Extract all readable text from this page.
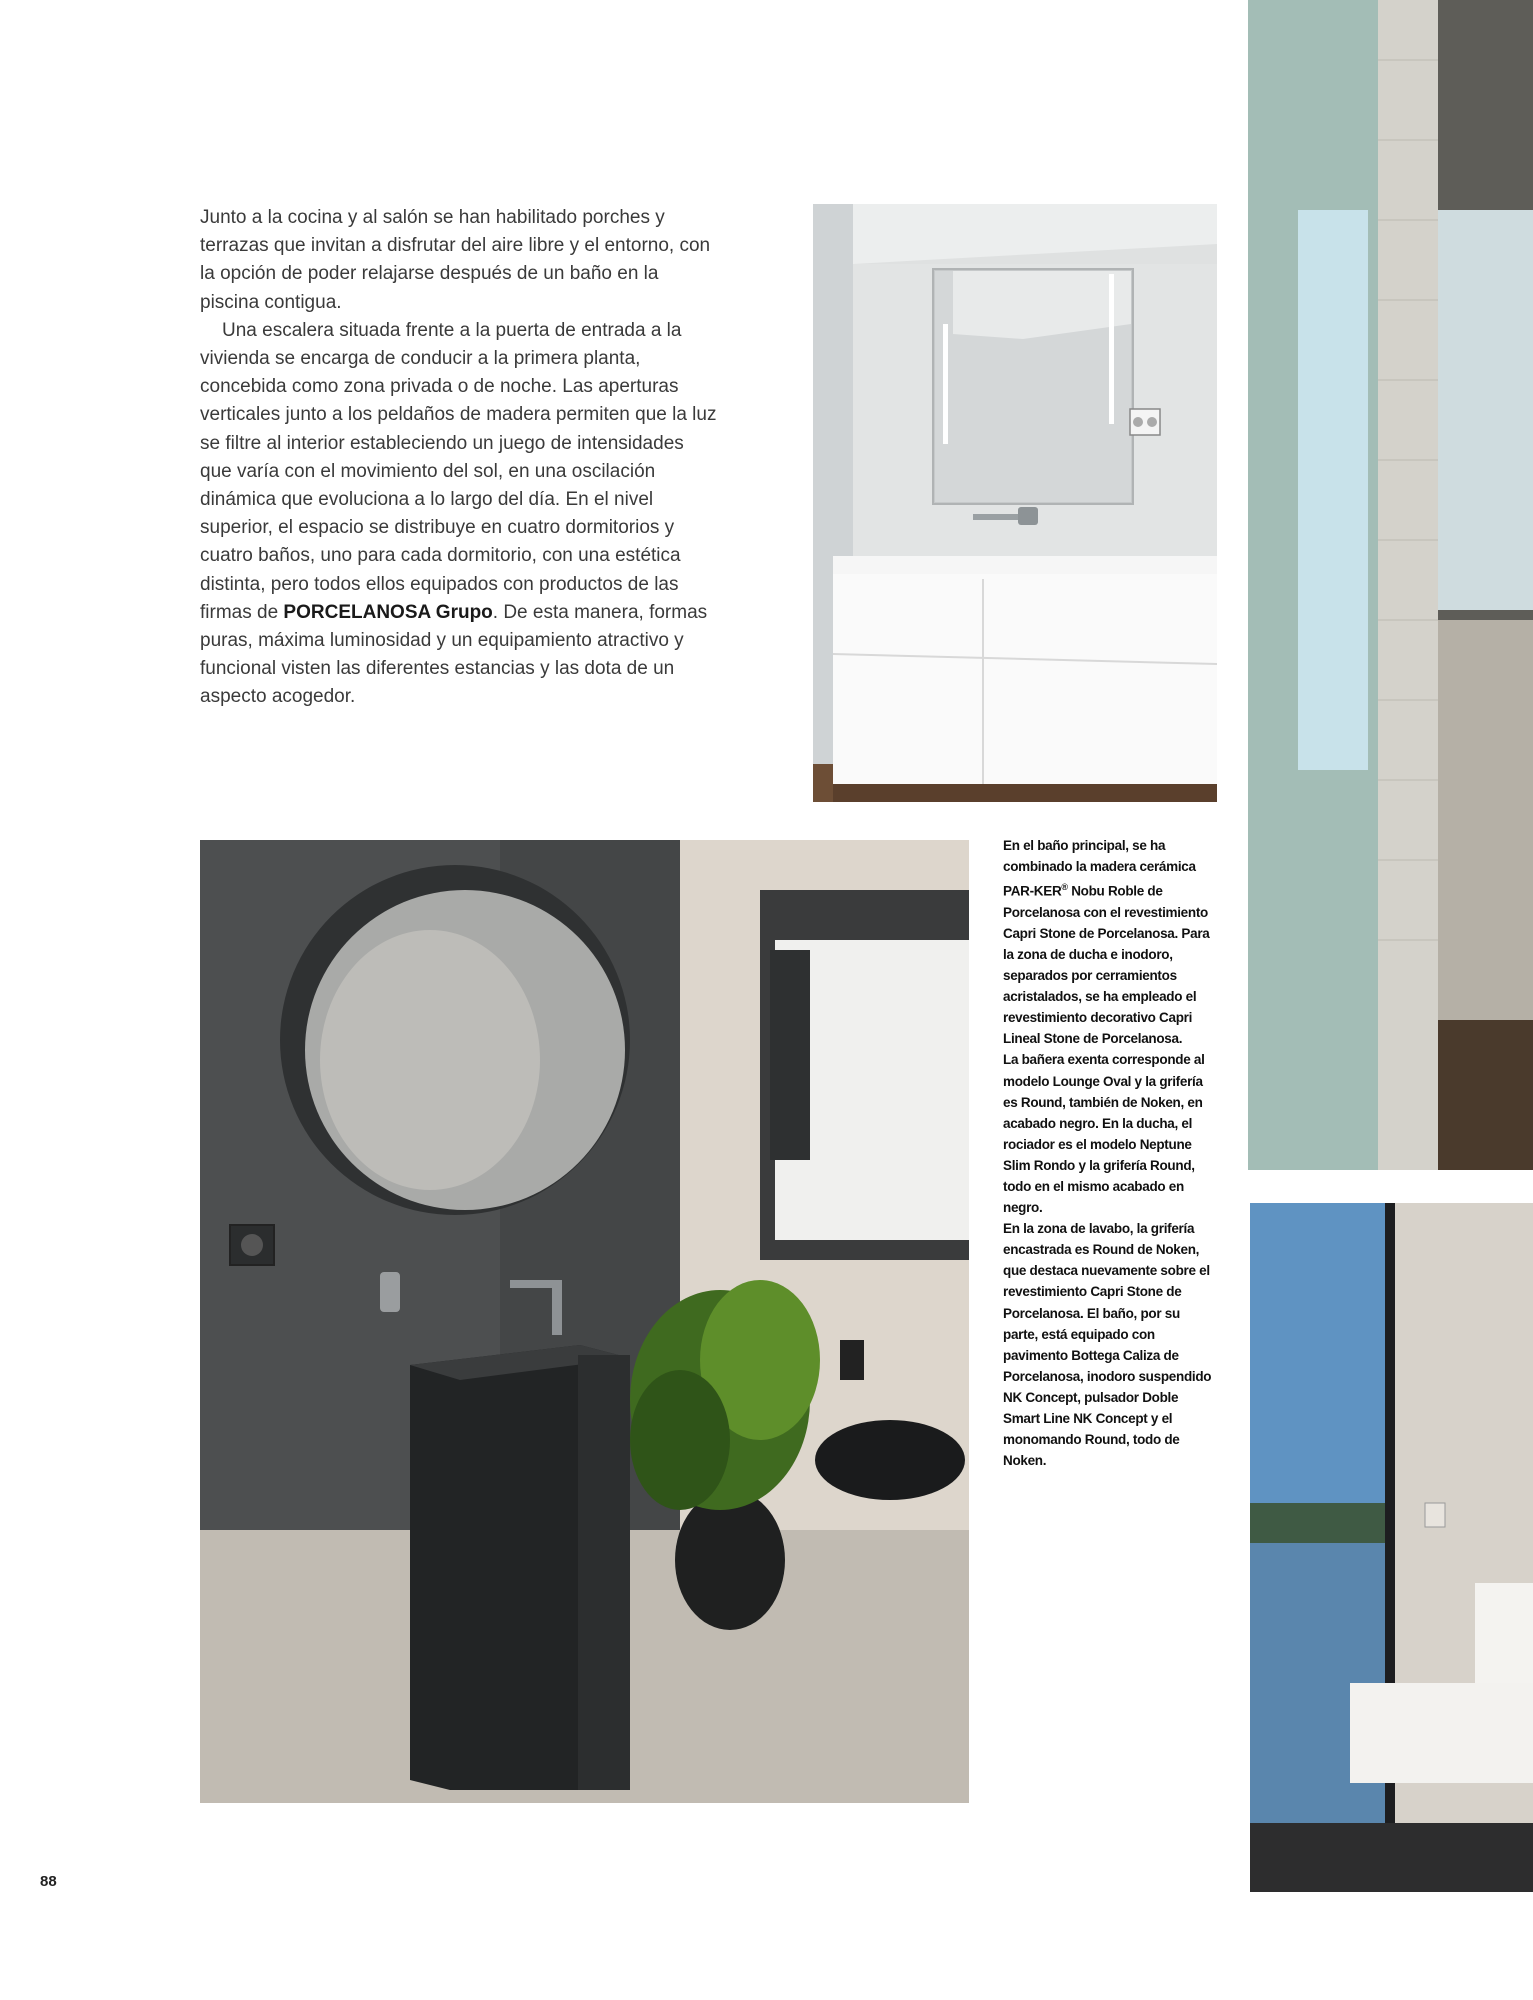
Junto a la cocina y al salón se han habilitado porches y terrazas que invitan a disfrutar del aire libre y el entorno, con la opción de poder relajarse después de un baño en la piscina contigua.

Una escalera situada frente a la puerta de entrada a la vivienda se encarga de conducir a la primera planta, concebida como zona privada o de noche. Las aperturas verticales junto a los peldaños de madera permiten que la luz se filtre al interior estableciendo un juego de intensidades que varía con el movimiento del sol, en una oscilación dinámica que evoluciona a lo largo del día. En el nivel superior, el espacio se distribuye en cuatro dormitorios y cuatro baños, uno para cada dormitorio, con una estética distinta, pero todos ellos equipados con productos de las firmas de PORCELANOSA Grupo. De esta manera, formas puras, máxima luminosidad y un equipamiento atractivo y funcional visten las diferentes estancias y las dota de un aspecto acogedor.

En el baño principal, se ha combinado la madera cerámica PAR-KER® Nobu Roble de Porcelanosa con el revestimiento Capri Stone de Porcelanosa. Para la zona de ducha e inodoro, separados por cerramientos acristalados, se ha empleado el revestimiento decorativo Capri Lineal Stone de Porcelanosa.

La bañera exenta corresponde al modelo Lounge Oval y la grifería es Round, también de Noken, en acabado negro. En la ducha, el rociador es el modelo Neptune Slim Rondo y la grifería Round, todo en el mismo acabado en negro.

En la zona de lavabo, la grifería encastrada es Round de Noken, que destaca nuevamente sobre el revestimiento Capri Stone de Porcelanosa. El baño, por su parte, está equipado con pavimento Bottega Caliza de Porcelanosa, inodoro suspendido NK Concept, pulsador Doble Smart Line NK Concept y el monomando Round, todo de Noken.

88
